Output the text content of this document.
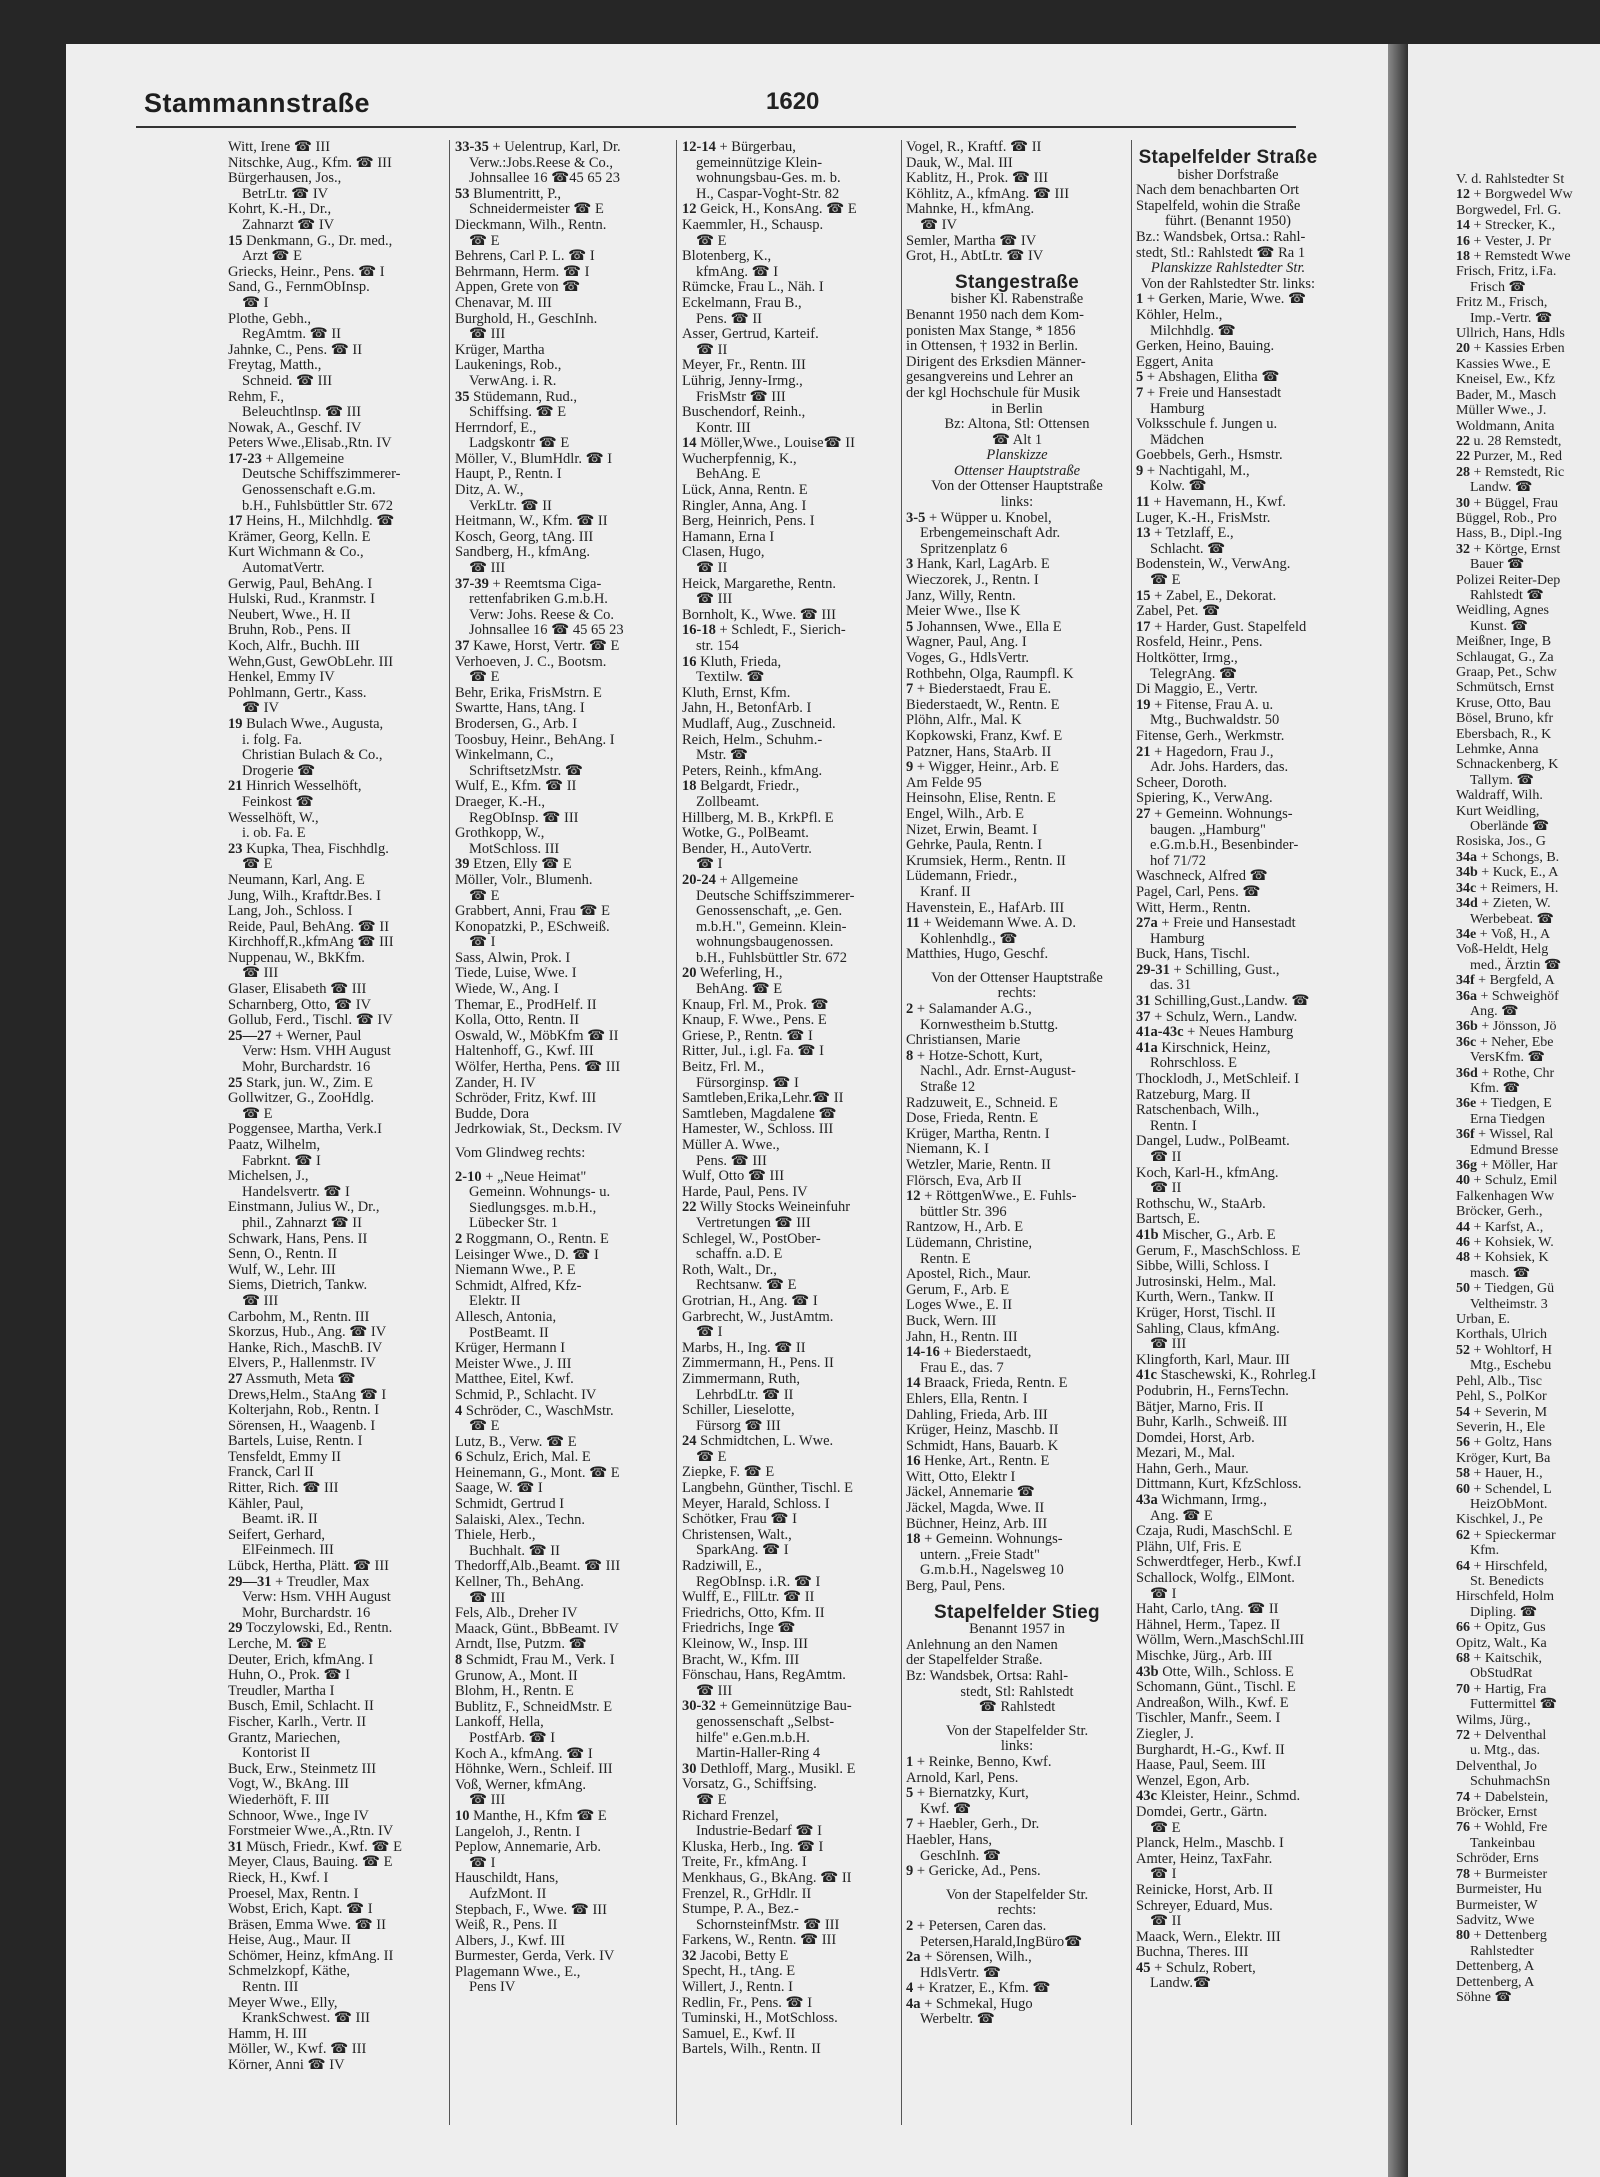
Stammannstraße	1620
Witt, Irene ☎ III
Nitschke, Aug., Kfm. ☎ III
Bürgerhausen, Jos.,
BetrLtr. ☎ IV
Kohrt, K.-H., Dr.,
Zahnarzt ☎ IV
15 Denkmann, G., Dr. med.,
Arzt ☎ E
Griecks, Heinr., Pens. ☎ I
Sand, G., FernmObInsp.
☎ I
Plothe, Gebh.,
RegAmtm. ☎ II
Jahnke, C., Pens. ☎ II
Freytag, Matth.,
Schneid. ☎ III
Rehm, F.,
Beleuchtlnsp. ☎ III
Nowak, A., Geschf. IV
Peters Wwe.,Elisab.,Rtn. IV
17-23 + Allgemeine
Deutsche Schiffszimmerer-
Genossenschaft e.G.m.
b.H., Fuhlsbüttler Str. 672
17 Heins, H., Milchhdlg. ☎
Krämer, Georg, Kelln. E
Kurt Wichmann & Co.,
AutomatVertr.
Gerwig, Paul, BehAng. I
Hulski, Rud., Kranmstr. I
Neubert, Wwe., H. II
Bruhn, Rob., Pens. II
Koch, Alfr., Buchh. III
Wehn,Gust, GewObLehr. III
Henkel, Emmy IV
Pohlmann, Gertr., Kass.
☎ IV
19 Bulach Wwe., Augusta,
i. folg. Fa.
Christian Bulach & Co.,
Drogerie ☎
21 Hinrich Wesselhöft,
Feinkost ☎
Wesselhöft, W.,
i. ob. Fa. E
23 Kupka, Thea, Fischhdlg.
☎ E
Neumann, Karl, Ang. E
Jung, Wilh., Kraftdr.Bes. I
Lang, Joh., Schloss. I
Reide, Paul, BehAng. ☎ II
Kirchhoff,R.,kfmAng ☎ III
Nuppenau, W., BkKfm.
☎ III
Glaser, Elisabeth ☎ III
Scharnberg, Otto, ☎ IV
Gollub, Ferd., Tischl. ☎ IV
25—27 + Werner, Paul
Verw: Hsm. VHH August
Mohr, Burchardstr. 16
25 Stark, jun. W., Zim. E
Gollwitzer, G., ZooHdlg.
☎ E
Poggensee, Martha, Verk.I
Paatz, Wilhelm,
Fabrknt. ☎ I
Michelsen, J.,
Handelsvertr. ☎ I
Einstmann, Julius W., Dr.,
phil., Zahnarzt ☎ II
Schwark, Hans, Pens. II
Senn, O., Rentn. II
Wulf, W., Lehr. III
Siems, Dietrich, Tankw.
☎ III
Carbohm, M., Rentn. III
Skorzus, Hub., Ang. ☎ IV
Hanke, Rich., MaschB. IV
Elvers, P., Hallenmstr. IV
27 Assmuth, Meta ☎
Drews,Helm., StaAng ☎ I
Kolterjahn, Rob., Rentn. I
Sörensen, H., Waagenb. I
Bartels, Luise, Rentn. I
Tensfeldt, Emmy II
Franck, Carl II
Ritter, Rich. ☎ III
Kähler, Paul,
Beamt. iR. II
Seifert, Gerhard,
ElFeinmech. III
Lübck, Hertha, Plätt. ☎ III
29—31 + Treudler, Max
Verw: Hsm. VHH August
Mohr, Burchardstr. 16
29 Toczylowski, Ed., Rentn.
Lerche, M. ☎ E
Deuter, Erich, kfmAng. I
Huhn, O., Prok. ☎ I
Treudler, Martha I
Busch, Emil, Schlacht. II
Fischer, Karlh., Vertr. II
Grantz, Mariechen,
Kontorist II
Buck, Erw., Steinmetz III
Vogt, W., BkAng. III
Wiederhöft, F. III
Schnoor, Wwe., Inge IV
Forstmeier Wwe.,A.,Rtn. IV
31 Müsch, Friedr., Kwf. ☎ E
Meyer, Claus, Bauing. ☎ E
Rieck, H., Kwf. I
Proesel, Max, Rentn. I
Wobst, Erich, Kapt. ☎ I
Bräsen, Emma Wwe. ☎ II
Heise, Aug., Maur. II
Schömer, Heinz, kfmAng. II
Schmelzkopf, Käthe,
Rentn. III
Meyer Wwe., Elly,
KrankSchwest. ☎ III
Hamm, H. III
Möller, W., Kwf. ☎ III
Körner, Anni ☎ IV
33-35 + Uelentrup, Karl, Dr.
Verw.:Jobs.Reese & Co.,
Johnsallee 16 ☎45 65 23
53 Blumentritt, P.,
Schneidermeister ☎ E
Dieckmann, Wilh., Rentn.
☎ E
Behrens, Carl P. L. ☎ I
Behrmann, Herm. ☎ I
Appen, Grete von ☎
Chenavar, M. III
Burghold, H., GeschInh.
☎ III
Krüger, Martha
Laukenings, Rob.,
VerwAng. i. R.
35 Stüdemann, Rud.,
Schiffsing. ☎ E
Herrndorf, E.,
Ladgskontr ☎ E
Möller, V., BlumHdlr. ☎ I
Haupt, P., Rentn. I
Ditz, A. W.,
VerkLtr. ☎ II
Heitmann, W., Kfm. ☎ II
Kosch, Georg, tAng. III
Sandberg, H., kfmAng.
☎ III
37-39 + Reemtsma Ciga-
rettenfabriken G.m.b.H.
Verw: Johs. Reese & Co.
Johnsallee 16 ☎ 45 65 23
37 Kawe, Horst, Vertr. ☎ E
Verhoeven, J. C., Bootsm.
☎ E
Behr, Erika, FrisMstrn. E
Swartte, Hans, tAng. I
Brodersen, G., Arb. I
Toosbuy, Heinr., BehAng. I
Winkelmann, C.,
SchriftsetzMstr. ☎
Wulf, E., Kfm. ☎ II
Draeger, K.-H.,
RegObInsp. ☎ III
Grothkopp, W.,
MotSchloss. III
39 Etzen, Elly ☎ E
Möller, Volr., Blumenh.
☎ E
Grabbert, Anni, Frau ☎ E
Konopatzki, P., ESchweiß.
☎ I
Sass, Alwin, Prok. I
Tiede, Luise, Wwe. I
Wiede, W., Ang. I
Themar, E., ProdHelf. II
Kolla, Otto, Rentn. II
Oswald, W., MöbKfm ☎ II
Haltenhoff, G., Kwf. III
Wölfer, Hertha, Pens. ☎ III
Zander, H. IV
Schröder, Fritz, Kwf. III
Budde, Dora
Jedrkowiak, St., Decksm. IV
Vom Glindweg rechts:
2-10 + „Neue Heimat"
Gemeinn. Wohnungs- u.
Siedlungsges. m.b.H.,
Lübecker Str. 1
2 Roggmann, O., Rentn. E
Leisinger Wwe., D. ☎ I
Niemann Wwe., P. E
Schmidt, Alfred, Kfz-
Elektr. II
Allesch, Antonia,
PostBeamt. II
Krüger, Hermann I
Meister Wwe., J. III
Matthee, Eitel, Kwf.
Schmid, P., Schlacht. IV
4 Schröder, C., WaschMstr.
☎ E
Lutz, B., Verw. ☎ E
6 Schulz, Erich, Mal. E
Heinemann, G., Mont. ☎ E
Saage, W. ☎ I
Schmidt, Gertrud I
Salaiski, Alex., Techn.
Thiele, Herb.,
Buchhalt. ☎ II
Thedorff,Alb.,Beamt. ☎ III
Kellner, Th., BehAng.
☎ III
Fels, Alb., Dreher IV
Maack, Günt., BbBeamt. IV
Arndt, Ilse, Putzm. ☎
8 Schmidt, Frau M., Verk. I
Grunow, A., Mont. II
Blohm, H., Rentn. E
Bublitz, F., SchneidMstr. E
Lankoff, Hella,
PostfArb. ☎ I
Koch A., kfmAng. ☎ I
Höhnke, Wern., Schleif. III
Voß, Werner, kfmAng.
☎ III
10 Manthe, H., Kfm ☎ E
Langeloh, J., Rentn. I
Peplow, Annemarie, Arb.
☎ I
Hauschildt, Hans,
AufzMont. II
Stepbach, F., Wwe. ☎ III
Weiß, R., Pens. II
Albers, J., Kwf. III
Burmester, Gerda, Verk. IV
Plagemann Wwe., E.,
Pens IV
12-14 + Bürgerbau,
gemeinnützige Klein-
wohnungsbau-Ges. m. b.
H., Caspar-Voght-Str. 82
12 Geick, H., KonsAng. ☎ E
Kaemmler, H., Schausp.
☎ E
Blotenberg, K.,
kfmAng. ☎ I
Rümcke, Frau L., Näh. I
Eckelmann, Frau B.,
Pens. ☎ II
Asser, Gertrud, Karteif.
☎ II
Meyer, Fr., Rentn. III
Lührig, Jenny-Irmg.,
FrisMstr ☎ III
Buschendorf, Reinh.,
Kontr. III
14 Möller,Wwe., Louise☎ II
Wucherpfennig, K.,
BehAng. E
Lück, Anna, Rentn. E
Ringler, Anna, Ang. I
Berg, Heinrich, Pens. I
Hamann, Erna I
Clasen, Hugo,
☎ II
Heick, Margarethe, Rentn.
☎ III
Bornholt, K., Wwe. ☎ III
16-18 + Schledt, F., Sierich-
str. 154
16 Kluth, Frieda,
Textilw. ☎
Kluth, Ernst, Kfm.
Jahn, H., BetonfArb. I
Mudlaff, Aug., Zuschneid.
Reich, Helm., Schuhm.-
Mstr. ☎
Peters, Reinh., kfmAng.
18 Belgardt, Friedr.,
Zollbeamt.
Hillberg, M. B., KrkPfl. E
Wotke, G., PolBeamt.
Bender, H., AutoVertr.
☎ I
20-24 + Allgemeine
Deutsche Schiffszimmerer-
Genossenschaft, „e. Gen.
m.b.H.", Gemeinn. Klein-
wohnungsbaugenossen.
b.H., Fuhlsbüttler Str. 672
20 Weferling, H.,
BehAng. ☎ E
Knaup, Frl. M., Prok. ☎
Knaup, F. Wwe., Pens. E
Griese, P., Rentn. ☎ I
Ritter, Jul., i.gl. Fa. ☎ I
Beitz, Frl. M.,
Fürsorginsp. ☎ I
Samtleben,Erika,Lehr.☎ II
Samtleben, Magdalene ☎
Hamester, W., Schloss. III
Müller A. Wwe.,
Pens. ☎ III
Wulf, Otto ☎ III
Harde, Paul, Pens. IV
22 Willy Stocks Weineinfuhr
Vertretungen ☎ III
Schlegel, W., PostOber-
schaffn. a.D. E
Roth, Walt., Dr.,
Rechtsanw. ☎ E
Grotrian, H., Ang. ☎ I
Garbrecht, W., JustAmtm.
☎ I
Marbs, H., Ing. ☎ II
Zimmermann, H., Pens. II
Zimmermann, Ruth,
LehrbdLtr. ☎ II
Schiller, Lieselotte,
Fürsorg ☎ III
24 Schmidtchen, L. Wwe.
☎ E
Ziepke, F. ☎ E
Langbehn, Günther, Tischl. E
Meyer, Harald, Schloss. I
Schötker, Frau ☎ I
Christensen, Walt.,
SparkAng. ☎ I
Radziwill, E.,
RegObInsp. i.R. ☎ I
Wulff, E., FllLtr. ☎ II
Friedrichs, Otto, Kfm. II
Friedrichs, Inge ☎
Kleinow, W., Insp. III
Bracht, W., Kfm. III
Fönschau, Hans, RegAmtm.
☎ III
30-32 + Gemeinnützige Bau-
genossenschaft „Selbst-
hilfe" e.Gen.m.b.H.
Martin-Haller-Ring 4
30 Dethloff, Marg., Musikl. E
Vorsatz, G., Schiffsing.
☎ E
Richard Frenzel,
Industrie-Bedarf ☎ I
Kluska, Herb., Ing. ☎ I
Treite, Fr., kfmAng. I
Menkhaus, G., BkAng. ☎ II
Frenzel, R., GrHdlr. II
Stumpe, P. A., Bez.-
SchornsteinfMstr. ☎ III
Farkens, W., Rentn. ☎ III
32 Jacobi, Betty E
Specht, H., tAng. E
Willert, J., Rentn. I
Redlin, Fr., Pens. ☎ I
Tuminski, H., MotSchloss.
Samuel, E., Kwf. II
Bartels, Wilh., Rentn. II
Vogel, R., Kraftf. ☎ II
Dauk, W., Mal. III
Kablitz, H., Prok. ☎ III
Köhlitz, A., kfmAng. ☎ III
Mahnke, H., kfmAng.
☎ IV
Semler, Martha ☎ IV
Grot, H., AbtLtr. ☎ IV
Stangestraße
bisher Kl. Rabenstraße
Benannt 1950 nach dem Kom-
ponisten Max Stange, * 1856
in Ottensen, † 1932 in Berlin.
Dirigent des Erksdien Männer-
gesangvereins und Lehrer an
der kgl Hochschule für Musik
in Berlin
Bz: Altona, Stl: Ottensen
☎ Alt 1
Planskizze
Ottenser Hauptstraße
Von der Ottenser Hauptstraße
links:
3-5 + Wüpper u. Knobel,
Erbengemeinschaft Adr.
Spritzenplatz 6
3 Hank, Karl, LagArb. E
Wieczorek, J., Rentn. I
Janz, Willy, Rentn.
Meier Wwe., Ilse K
5 Johannsen, Wwe., Ella E
Wagner, Paul, Ang. I
Voges, G., HdlsVertr.
Rothbehn, Olga, Raumpfl. K
7 + Biederstaedt, Frau E.
Biederstaedt, W., Rentn. E
Plöhn, Alfr., Mal. K
Kopkowski, Franz, Kwf. E
Patzner, Hans, StaArb. II
9 + Wigger, Heinr., Arb. E
Am Felde 95
Heinsohn, Elise, Rentn. E
Engel, Wilh., Arb. E
Nizet, Erwin, Beamt. I
Gehrke, Paula, Rentn. I
Krumsiek, Herm., Rentn. II
Lüdemann, Friedr.,
Kranf. II
Havenstein, E., HafArb. III
11 + Weidemann Wwe. A. D.
Kohlenhdlg., ☎
Matthies, Hugo, Geschf.
Von der Ottenser Hauptstraße
rechts:
2 + Salamander A.G.,
Kornwestheim b.Stuttg.
Christiansen, Marie
8 + Hotze-Schott, Kurt,
Nachl., Adr. Ernst-August-
Straße 12
Radzuweit, E., Schneid. E
Dose, Frieda, Rentn. E
Krüger, Martha, Rentn. I
Niemann, K. I
Wetzler, Marie, Rentn. II
Flörsch, Eva, Arb II
12 + RöttgenWwe., E. Fuhls-
büttler Str. 396
Rantzow, H., Arb. E
Lüdemann, Christine,
Rentn. E
Apostel, Rich., Maur.
Gerum, F., Arb. E
Loges Wwe., E. II
Buck, Wern. III
Jahn, H., Rentn. III
14-16 + Biederstaedt,
Frau E., das. 7
14 Braack, Frieda, Rentn. E
Ehlers, Ella, Rentn. I
Dahling, Frieda, Arb. III
Krüger, Heinz, Maschb. II
Schmidt, Hans, Bauarb. K
16 Henke, Art., Rentn. E
Witt, Otto, Elektr I
Jäckel, Annemarie ☎
Jäckel, Magda, Wwe. II
Büchner, Heinz, Arb. III
18 + Gemeinn. Wohnungs-
untern. „Freie Stadt"
G.m.b.H., Nagelsweg 10
Berg, Paul, Pens.
Stapelfelder Stieg
Benannt 1957 in
Anlehnung an den Namen
der Stapelfelder Straße.
Bz: Wandsbek, Ortsa: Rahl-
stedt, Stl: Rahlstedt
☎ Rahlstedt
Von der Stapelfelder Str.
links:
1 + Reinke, Benno, Kwf.
Arnold, Karl, Pens.
5 + Biernatzky, Kurt,
Kwf. ☎
7 + Haebler, Gerh., Dr.
Haebler, Hans,
GeschInh. ☎
9 + Gericke, Ad., Pens.
Von der Stapelfelder Str.
rechts:
2 + Petersen, Caren das.
Petersen,Harald,IngBüro☎
2a + Sörensen, Wilh.,
HdlsVertr. ☎
4 + Kratzer, E., Kfm. ☎
4a + Schmekal, Hugo
Werbeltr. ☎
Stapelfelder Straße
bisher Dorfstraße
Nach dem benachbarten Ort
Stapelfeld, wohin die Straße
führt. (Benannt 1950)
Bz.: Wandsbek, Ortsa.: Rahl-
stedt, Stl.: Rahlstedt ☎ Ra 1
Planskizze Rahlstedter Str.
Von der Rahlstedter Str. links:
1 + Gerken, Marie, Wwe. ☎
Köhler, Helm.,
Milchhdlg. ☎
Gerken, Heino, Bauing.
Eggert, Anita
5 + Abshagen, Elitha ☎
7 + Freie und Hansestadt
Hamburg
Volksschule f. Jungen u.
Mädchen
Goebbels, Gerh., Hsmstr.
9 + Nachtigahl, M.,
Kolw. ☎
11 + Havemann, H., Kwf.
Luger, K.-H., FrisMstr.
13 + Tetzlaff, E.,
Schlacht. ☎
Bodenstein, W., VerwAng.
☎ E
15 + Zabel, E., Dekorat.
Zabel, Pet. ☎
17 + Harder, Gust. Stapelfeld
Rosfeld, Heinr., Pens.
Holtkötter, Irmg.,
TelegrAng. ☎
Di Maggio, E., Vertr.
19 + Fitense, Frau A. u.
Mtg., Buchwaldstr. 50
Fitense, Gerh., Werkmstr.
21 + Hagedorn, Frau J.,
Adr. Johs. Harders, das.
Scheer, Doroth.
Spiering, K., VerwAng.
27 + Gemeinn. Wohnungs-
baugen. „Hamburg"
e.G.m.b.H., Besenbinder-
hof 71/72
Waschneck, Alfred ☎
Pagel, Carl, Pens. ☎
Witt, Herm., Rentn.
27a + Freie und Hansestadt
Hamburg
Buck, Hans, Tischl.
29-31 + Schilling, Gust.,
das. 31
31 Schilling,Gust.,Landw. ☎
37 + Schulz, Wern., Landw.
41a-43c + Neues Hamburg
41a Kirschnick, Heinz,
Rohrschloss. E
Thocklodh, J., MetSchleif. I
Ratzeburg, Marg. II
Ratschenbach, Wilh.,
Rentn. I
Dangel, Ludw., PolBeamt.
☎ II
Koch, Karl-H., kfmAng.
☎ II
Rothschu, W., StaArb.
Bartsch, E.
41b Mischer, G., Arb. E
Gerum, F., MaschSchloss. E
Sibbe, Willi, Schloss. I
Jutrosinski, Helm., Mal.
Kurth, Wern., Tankw. II
Krüger, Horst, Tischl. II
Sahling, Claus, kfmAng.
☎ III
Klingforth, Karl, Maur. III
41c Staschewski, K., Rohrleg.I
Podubrin, H., FernsTechn.
Bätjer, Marno, Fris. II
Buhr, Karlh., Schweiß. III
Domdei, Horst, Arb.
Mezari, M., Mal.
Hahn, Gerh., Maur.
Dittmann, Kurt, KfzSchloss.
43a Wichmann, Irmg.,
Ang. ☎ E
Czaja, Rudi, MaschSchl. E
Plähn, Ulf, Fris. E
Schwerdtfeger, Herb., Kwf.I
Schallock, Wolfg., ElMont.
☎ I
Haht, Carlo, tAng. ☎ II
Hähnel, Herm., Tapez. II
Wöllm, Wern.,MaschSchl.III
Mischke, Jürg., Arb. III
43b Otte, Wilh., Schloss. E
Schomann, Günt., Tischl. E
Andreaßon, Wilh., Kwf. E
Tischler, Manfr., Seem. I
Ziegler, J.
Burghardt, H.-G., Kwf. II
Haase, Paul, Seem. III
Wenzel, Egon, Arb.
43c Kleister, Heinr., Schmd.
Domdei, Gertr., Gärtn.
☎ E
Planck, Helm., Maschb. I
Amter, Heinz, TaxFahr.
☎ I
Reinicke, Horst, Arb. II
Schreyer, Eduard, Mus.
☎ II
Maack, Wern., Elektr. III
Buchna, Theres. III
45 + Schulz, Robert,
Landw.☎
V. d. Rahlstedter St
12 + Borgwedel Ww
Borgwedel, Frl. G.
14 + Strecker, K.,
16 + Vester, J. Pr
18 + Remstedt Wwe
Frisch, Fritz, i.Fa.
Frisch ☎
Fritz M., Frisch,
Imp.-Vertr. ☎
Ullrich, Hans, Hdls
20 + Kassies Erben
Kassies Wwe., E
Kneisel, Ew., Kfz
Bader, M., Masch
Müller Wwe., J.
Woldmann, Anita
22 u. 28 Remstedt,
22 Purzer, M., Red
28 + Remstedt, Ric
Landw. ☎
30 + Büggel, Frau
Büggel, Rob., Pro
Hass, B., Dipl.-Ing
32 + Körtge, Ernst
Bauer ☎
Polizei Reiter-Dep
Rahlstedt ☎
Weidling, Agnes
Kunst. ☎
Meißner, Inge, B
Schlaugat, G., Za
Graap, Pet., Schw
Schmütsch, Ernst
Kruse, Otto, Bau
Bösel, Bruno, kfr
Ebersbach, R., K
Lehmke, Anna
Schnackenberg, K
Tallym. ☎
Waldraff, Wilh.
Kurt Weidling,
Oberlände ☎
Rosiska, Jos., G
34a + Schongs, B.
34b + Kuck, E., A
34c + Reimers, H.
34d + Zieten, W.
Werbebeat. ☎
34e + Voß, H., A
Voß-Heldt, Helg
med., Ärztin ☎
34f + Bergfeld, A
36a + Schweighöf
Ang. ☎
36b + Jönsson, Jö
36c + Neher, Ebe
VersKfm. ☎
36d + Rothe, Chr
Kfm. ☎
36e + Tiedgen, E
Erna Tiedgen
36f + Wissel, Ral
Edmund Bresse
36g + Möller, Har
40 + Schulz, Emil
Falkenhagen Ww
Bröcker, Gerh.,
44 + Karfst, A.,
46 + Kohsiek, W.
48 + Kohsiek, K
masch. ☎
50 + Tiedgen, Gü
Veltheimstr. 3
Urban, E.
Korthals, Ulrich
52 + Wohltorf, H
Mtg., Eschebu
Pehl, Alb., Tisc
Pehl, S., PolKor
54 + Severin, M
Severin, H., Ele
56 + Goltz, Hans
Kröger, Kurt, Ba
58 + Hauer, H.,
60 + Schendel, L
HeizObMont.
Kischkel, J., Pe
62 + Spieckermar
Kfm.
64 + Hirschfeld,
St. Benedicts
Hirschfeld, Holm
Dipling. ☎
66 + Opitz, Gus
Opitz, Walt., Ka
68 + Kaitschik,
ObStudRat
70 + Hartig, Fra
Futtermittel ☎
Wilms, Jürg.,
72 + Delventhal
u. Mtg., das.
Delventhal, Jo
SchuhmachSn
74 + Dabelstein,
Bröcker, Ernst
76 + Wohld, Fre
Tankeinbau
Schröder, Erns
78 + Burmeister
Burmeister, Hu
Burmeister, W
Sadvitz, Wwe
80 + Dettenberg
Rahlstedter
Dettenberg, A
Dettenberg, A
Söhne ☎
